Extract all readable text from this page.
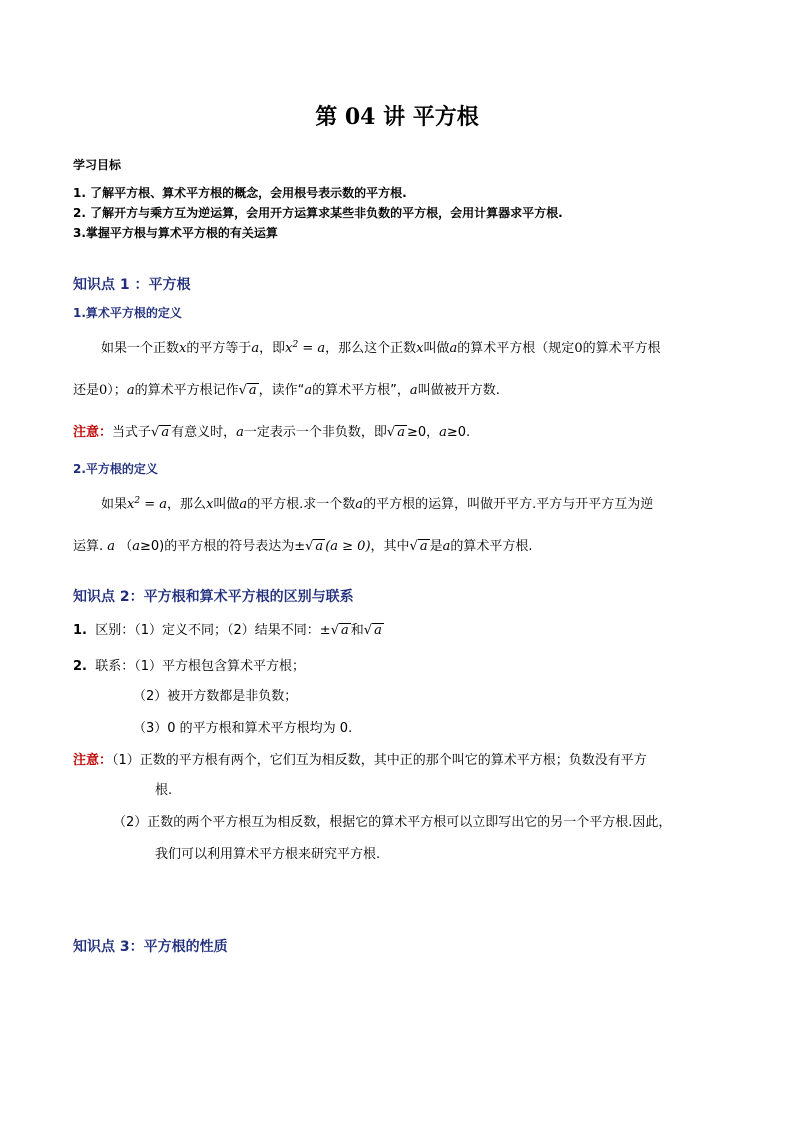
第 04 讲 平方根
学习目标
1. 了解平方根、算术平方根的概念，会用根号表示数的平方根.
2. 了解开方与乘方互为逆运算，会用开方运算求某些非负数的平方根，会用计算器求平方根.
3.掌握平方根与算术平方根的有关运算
知识点 1 ：平方根
1.算术平方根的定义
如果一个正数x的平方等于a，即$x^2 = a$，那么这个正数x叫做a的算术平方根（规定0的算术平方根
还是0）；a的算术平方根记作√ a ，读作“a的算术平方根”，a叫做被开方数.
注意：当式子√ a 有意义时，a一定表示一个非负数，即√ a ≥0，a≥0.
2.平方根的定义
如果$x^2 = a$，那么x叫做a的平方根.求一个数a的平方根的运算，叫做开平方.平方与开平方互为逆
运算. a （a≥0)的平方根的符号表达为±√ a (a ≥ 0)，其中√ a 是a的算术平方根.
知识点 2：平方根和算术平方根的区别与联系
1. 区别：（1）定义不同；（2）结果不同：±√ a 和√ a
2. 联系：（1）平方根包含算术平方根；
（2）被开方数都是非负数；
（3）0 的平方根和算术平方根均为 0.
注意：（1）正数的平方根有两个，它们互为相反数，其中正的那个叫它的算术平方根；负数没有平方
根.
（2）正数的两个平方根互为相反数，根据它的算术平方根可以立即写出它的另一个平方根.因此，
我们可以利用算术平方根来研究平方根.
知识点 3：平方根的性质
